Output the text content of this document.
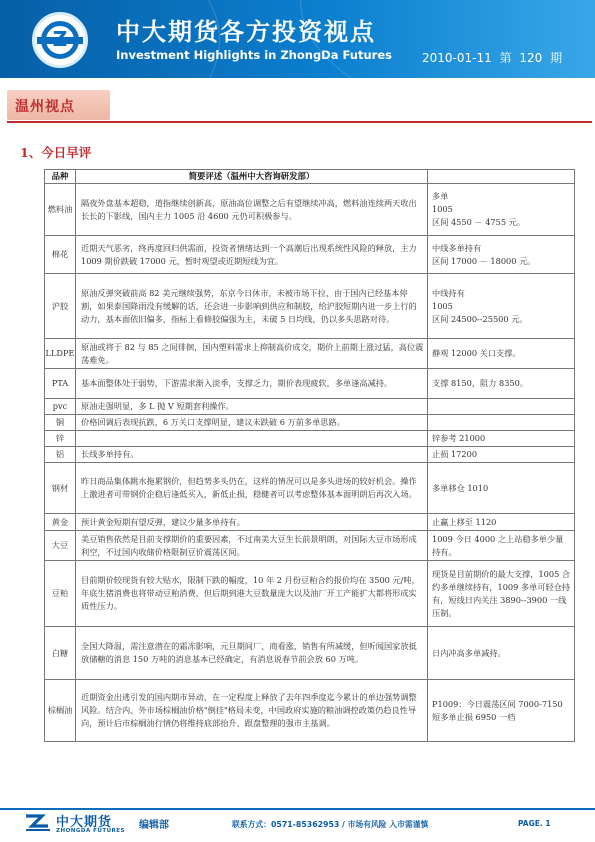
Z	中大期货各方投资视点
Investment Highlights in ZhongDa Futures	2010-01-11 第 120 期
温州视点
1、今日早评
品种	简要评述（温州中大咨询研发部）	
燃料油	隔夜外盘基本超稳，道指继续创新高，原油高位调整之后有望继续冲高，燃料油连续两天收出长长的下影线，国内主力 1005 沿 4600 元仍可积极参与。	多单
1005
区间 4550 － 4755 元。

棉花	近期天气恶劣，终再度回归供需面，投资者情绪达到一个高潮后出现系统性风险的释放，主力 1009 期价跌破 17000 元，暂时观望或近期短线为宜。	中线多单持有
区间 17000 － 18000 元。

沪胶	原油反弹突破前高 82 美元继续强势，东京今日休市，未被市场下拉，由于国内已经基本停割，如果泰国降雨没有缓解的话，还会进一步影响到供应和制胶，给沪胶短期内进一步上行的动力，基本面依旧偏多，指标上看修胶偏强为主，未破 5 日均线，仍以多头思路对待。	中线持有
1005
区间 24500--25500 元。

LLDPE	原油或将于 82 与 85 之间徘徊，国内塑料需求上抑制高价成交，期价上前期上涨过猛，高位震荡难免。	静观 12000 关口支撑。
PTA	基本面整体处于弱势，下游需求渐入淡季，支撑乏力，期价表现疲软，多单逢高减持。	支撑 8150，阻力 8350。
pvc	原油走强明显，多 L 抛 V 短期套利操作。	
铜	价格回调后表现抗跌，6 万关口支撑明显，建议未跌破 6 万前多单思路。	
锌		锌参考 21000
铝	长线多单持有。	止损 17200
钢材	昨日商品集体跳水拖累钢价，但趋势多头仍在，这样的情况可以是多头进场的较好机会。操作上激进者可带钢价企稳后逢低买入，新低止损，稳健者可以考虑整体基本面明朗后再次入场。	多单移仓 1010
黄金	预计黄金短期有望反弹，建议少量多单持有。	止赢上移至 1120
大豆	美豆销售依然是目前支撑期价的重要因素，不过南美大豆生长前景明朗，对国际大豆市场形成利空，不过国内收储价格限制豆价震荡区间。	1009 今日 4000 之上站稳多单少量持有。
豆粕	目前期价较现货有较大贴水，限制下跌的幅度，10 年 2 月份豆粕合约报价均在 3500 元/吨，年底生猪消费也将带动豆粕消费，但后期到港大豆数量庞大以及油厂开工产能扩大都将形成实质性压力。	现货是目前期价的最大支撑，1005 合约多单继续持有，1009 多单可轻仓持有，短线日内关注 3890--3900 一线压制。
白糖	全国大降温，需注意潜在的霜冻影响，元旦期间厂、商看涨，销售有所减缓，但听闻国家放抵放储糖的消息 150 万吨的消息基本已经确定，有消息说春节前会放 60 万吨。	日内冲高多单减持。
棕榈油	近期资金出逃引发的国内期市异动，在一定程度上释放了去年四季度迄今累计的单边强势调整风险。结合内、外市场棕榈油价格"倒挂"格局未变，中国政府实施的粮油调控政策仍趋良性导向，预计后市棕榈油行情仍将维持底部抬升、跟盘整理的强市主基调。	P1009：今日震荡区间 7000-7150 短多单止损 6950 一档
中大期货
ZHONGDA FUTURES 编辑部	联系方式：0571-85362953 / 市场有风险 入市需谨慎	PAGE. 1
